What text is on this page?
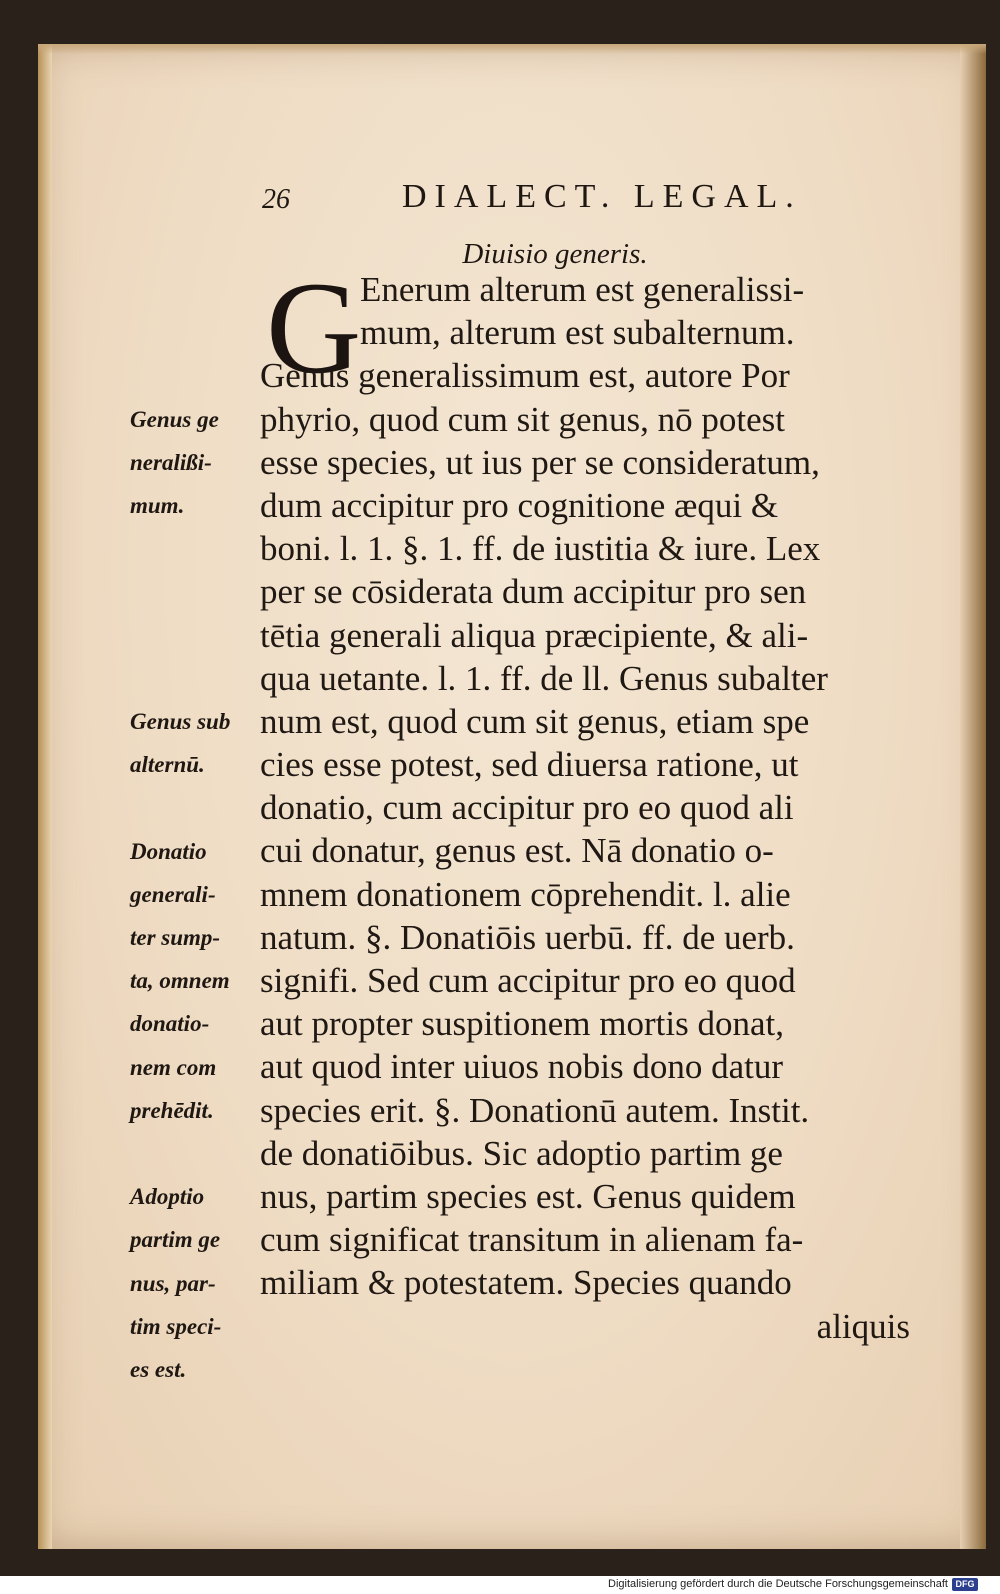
26	DIALECT. LEGAL.
Diuisio generis.
G
Enerum alterum est generalissi-
mum, alterum est subalternum.
Genus generalissimum est, autore Por
phyrio, quod cum sit genus, nō potest
esse species, ut ius per se consideratum,
dum accipitur pro cognitione æqui &
boni. l. 1. §. 1. ff. de iustitia & iure. Lex
per se cōsiderata dum accipitur pro sen
tētia generali aliqua præcipiente, & ali-
qua uetante. l. 1. ff. de ll. Genus subalter
num est, quod cum sit genus, etiam spe
cies esse potest, sed diuersa ratione, ut
donatio, cum accipitur pro eo quod ali
cui donatur, genus est. Nā donatio o-
mnem donationem cōprehendit. l. alie
natum. §. Donatiōis uerbū. ff. de uerb.
signifi. Sed cum accipitur pro eo quod
aut propter suspitionem mortis donat,
aut quod inter uiuos nobis dono datur
species erit. §. Donationū autem. Instit.
de donatiōibus. Sic adoptio partim ge
nus, partim species est. Genus quidem
cum significat transitum in alienam fa-
miliam & potestatem. Species quando
aliquis
Genus ge
neralißi-
mum.
Genus sub
alternū.
Donatio
generali-
ter sump-
ta, omnem
donatio-
nem com
prehēdit.
Adoptio
partim ge
nus, par-
tim speci-
es est.
Digitalisierung gefördert durch die Deutsche Forschungsgemeinschaft DFG
